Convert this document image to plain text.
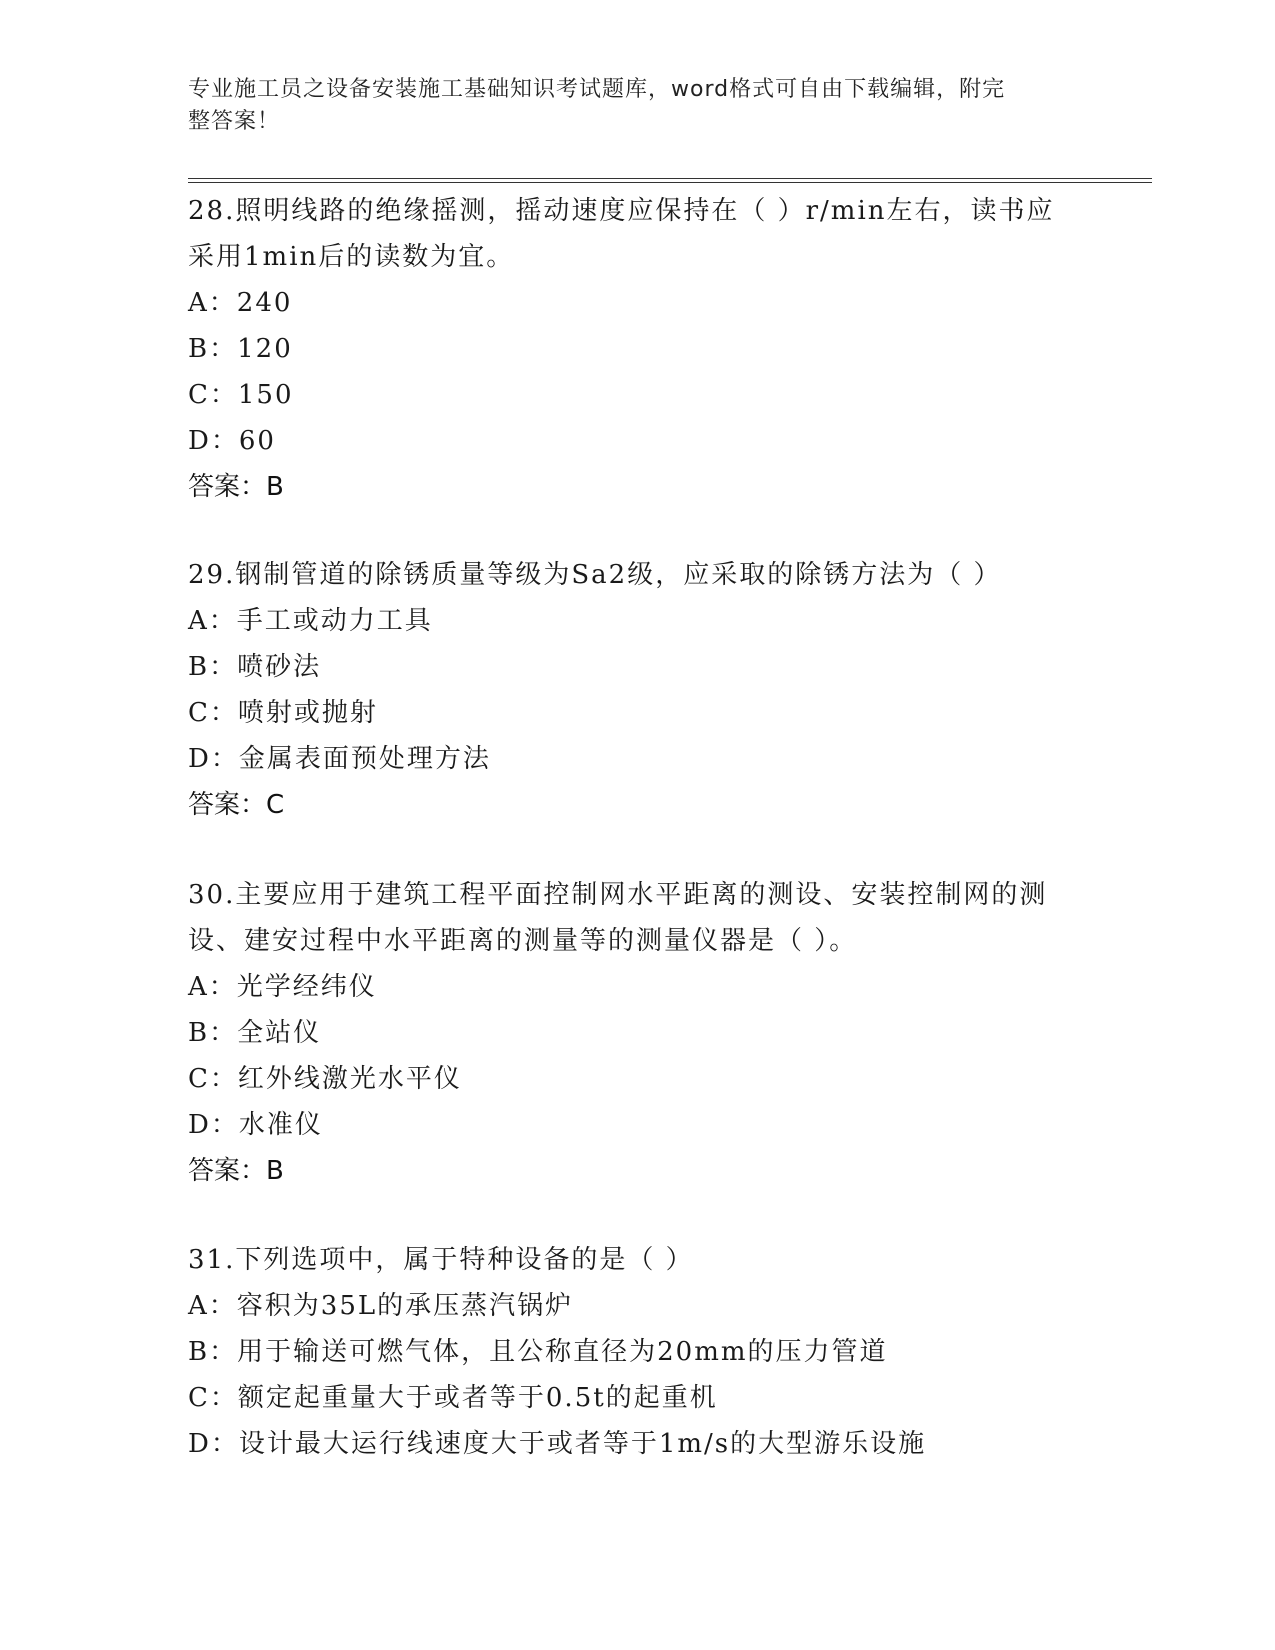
专业施工员之设备安装施工基础知识考试题库，word格式可自由下载编辑，附完
整答案！
28.照明线路的绝缘摇测，摇动速度应保持在（ ）r/min左右，读书应
采用1min后的读数为宜。
A：240
B：120
C：150
D：60
答案：B
29.钢制管道的除锈质量等级为Sa2级，应采取的除锈方法为（ ）
A：手工或动力工具
B：喷砂法
C：喷射或抛射
D：金属表面预处理方法
答案：C
30.主要应用于建筑工程平面控制网水平距离的测设、安装控制网的测
设、建安过程中水平距离的测量等的测量仪器是（ ）。
A：光学经纬仪
B：全站仪
C：红外线激光水平仪
D：水准仪
答案：B
31.下列选项中，属于特种设备的是（ ）
A：容积为35L的承压蒸汽锅炉
B：用于输送可燃气体，且公称直径为20mm的压力管道
C：额定起重量大于或者等于0.5t的起重机
D：设计最大运行线速度大于或者等于1m/s的大型游乐设施
